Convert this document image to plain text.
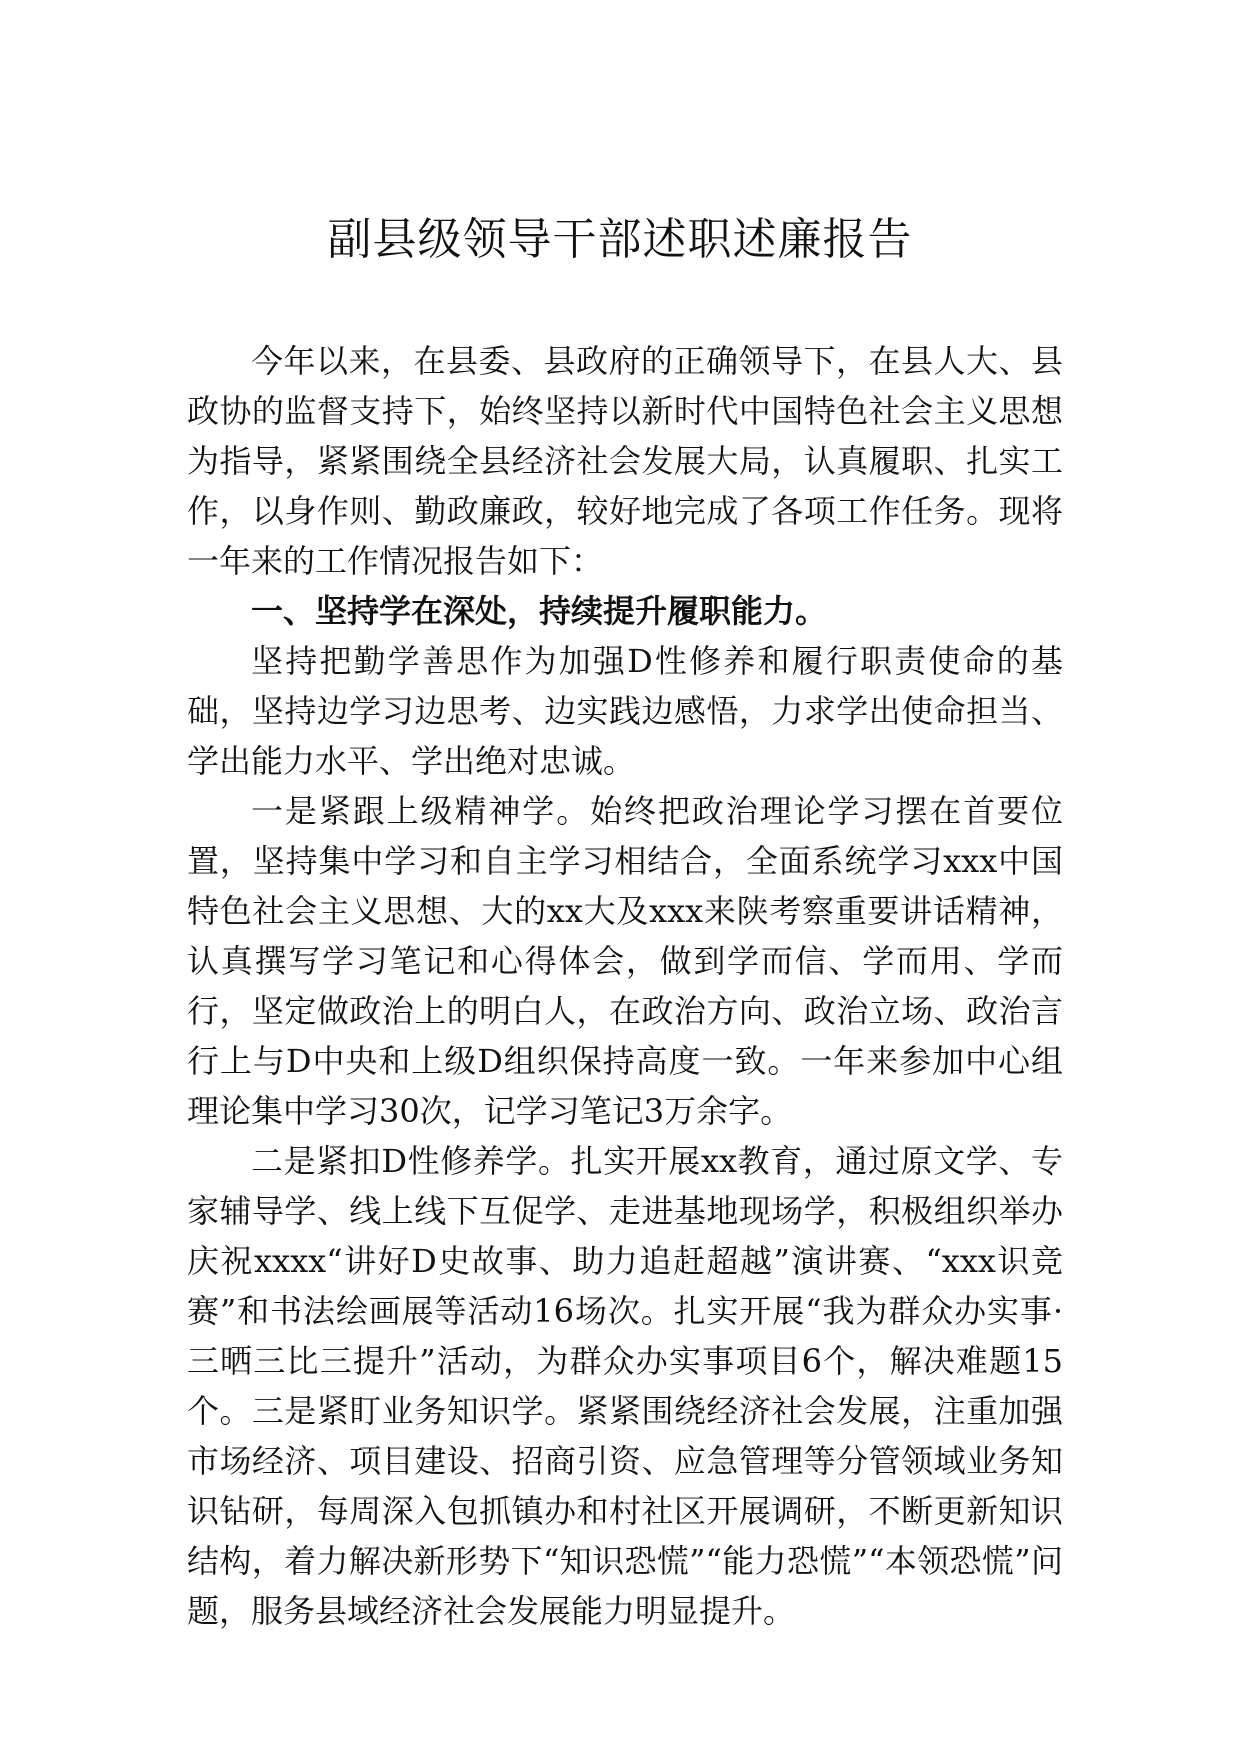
副县级领导干部述职述廉报告

今年以来，在县委、县政府的正确领导下，在县人大、县政协的监督支持下，始终坚持以新时代中国特色社会主义思想为指导，紧紧围绕全县经济社会发展大局，认真履职、扎实工作，以身作则、勤政廉政，较好地完成了各项工作任务。现将一年来的工作情况报告如下：

一、坚持学在深处，持续提升履职能力。

坚持把勤学善思作为加强D性修养和履行职责使命的基础，坚持边学习边思考、边实践边感悟，力求学出使命担当、学出能力水平、学出绝对忠诚。

一是紧跟上级精神学。始终把政治理论学习摆在首要位置，坚持集中学习和自主学习相结合，全面系统学习xxx中国特色社会主义思想、大的xx大及xxx来陕考察重要讲话精神，认真撰写学习笔记和心得体会，做到学而信、学而用、学而行，坚定做政治上的明白人，在政治方向、政治立场、政治言行上与D中央和上级D组织保持高度一致。一年来参加中心组理论集中学习30次，记学习笔记3万余字。

二是紧扣D性修养学。扎实开展xx教育，通过原文学、专家辅导学、线上线下互促学、走进基地现场学，积极组织举办庆祝xxxx“讲好D史故事、助力追赶超越”演讲赛、“xxx识竞赛”和书法绘画展等活动16场次。扎实开展“我为群众办实事·三晒三比三提升”活动，为群众办实事项目6个，解决难题15个。三是紧盯业务知识学。紧紧围绕经济社会发展，注重加强市场经济、项目建设、招商引资、应急管理等分管领域业务知识钻研，每周深入包抓镇办和村社区开展调研，不断更新知识结构，着力解决新形势下“知识恐慌”“能力恐慌”“本领恐慌”问题，服务县域经济社会发展能力明显提升。
